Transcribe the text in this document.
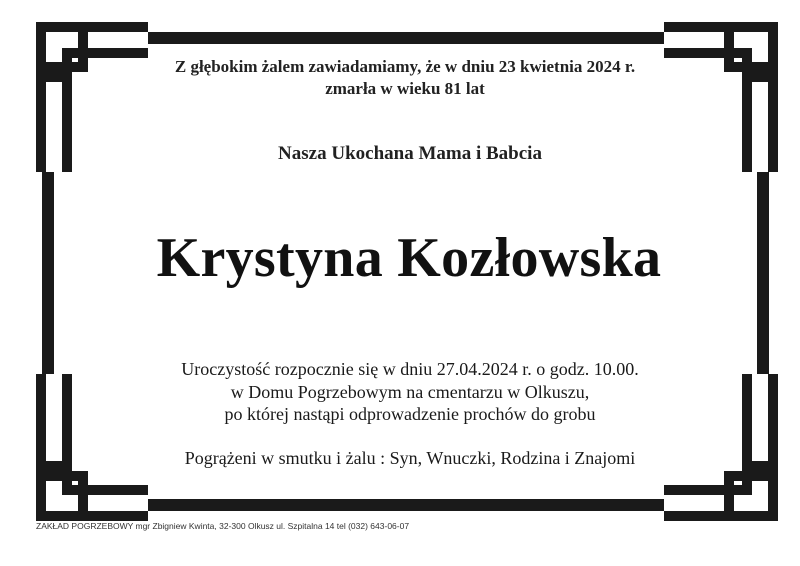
Z głębokim żalem zawiadamiamy, że w dniu 23 kwietnia 2024 r.
zmarła w wieku 81 lat
Nasza Ukochana Mama i Babcia
Krystyna Kozłowska
Uroczystość rozpocznie się w dniu 27.04.2024 r. o godz. 10.00.
w Domu Pogrzebowym na cmentarzu w Olkuszu,
po której nastąpi odprowadzenie prochów do grobu
Pogrążeni w smutku i żalu : Syn, Wnuczki, Rodzina i Znajomi
ZAKŁAD POGRZEBOWY mgr Zbigniew Kwinta, 32-300 Olkusz ul. Szpitalna 14 tel (032) 643-06-07
